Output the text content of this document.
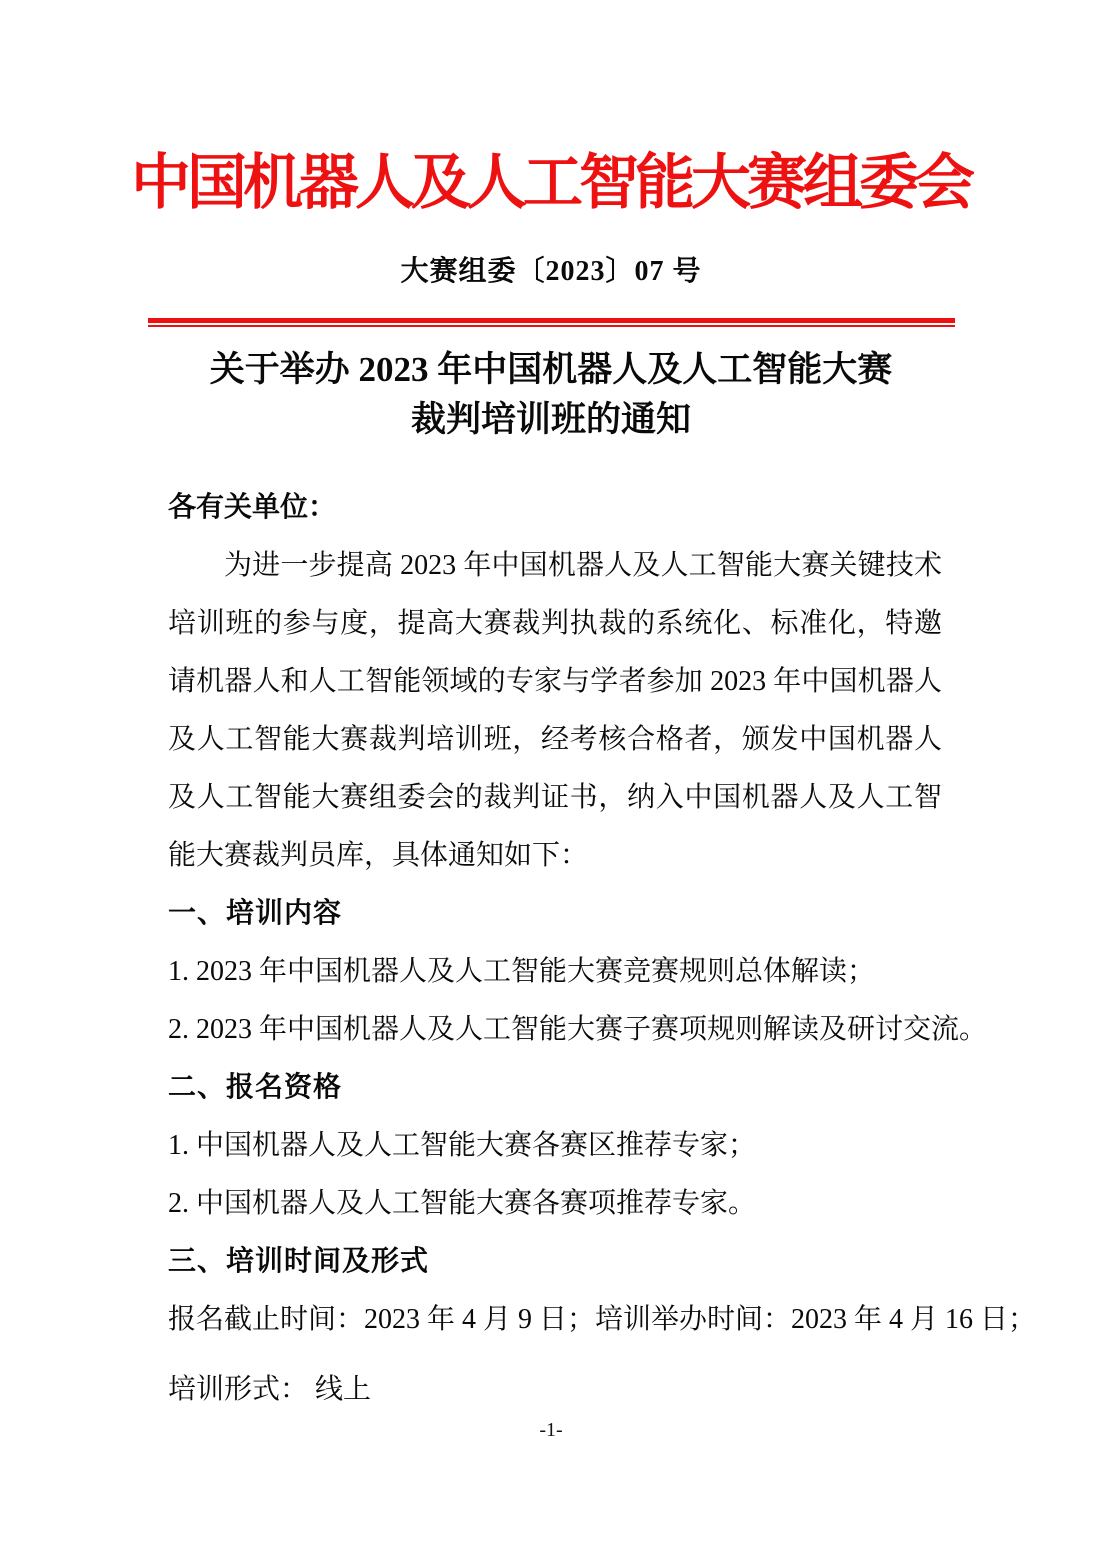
中国机器人及人工智能大赛组委会
大赛组委〔2023〕07 号
关于举办 2023 年中国机器人及人工智能大赛
裁判培训班的通知

各有关单位：

为进一步提高 2023 年中国机器人及人工智能大赛关键技术培训班的参与度，提高大赛裁判执裁的系统化、标准化，特邀请机器人和人工智能领域的专家与学者参加 2023 年中国机器人及人工智能大赛裁判培训班，经考核合格者，颁发中国机器人及人工智能大赛组委会的裁判证书，纳入中国机器人及人工智能大赛裁判员库，具体通知如下：

一、培训内容

1. 2023 年中国机器人及人工智能大赛竞赛规则总体解读；

2. 2023 年中国机器人及人工智能大赛子赛项规则解读及研讨交流。

二、报名资格

1. 中国机器人及人工智能大赛各赛区推荐专家；

2. 中国机器人及人工智能大赛各赛项推荐专家。

三、培训时间及形式

报名截止时间：2023 年 4 月 9 日；培训举办时间：2023 年 4 月 16 日；

培训形式： 线上

-1-
